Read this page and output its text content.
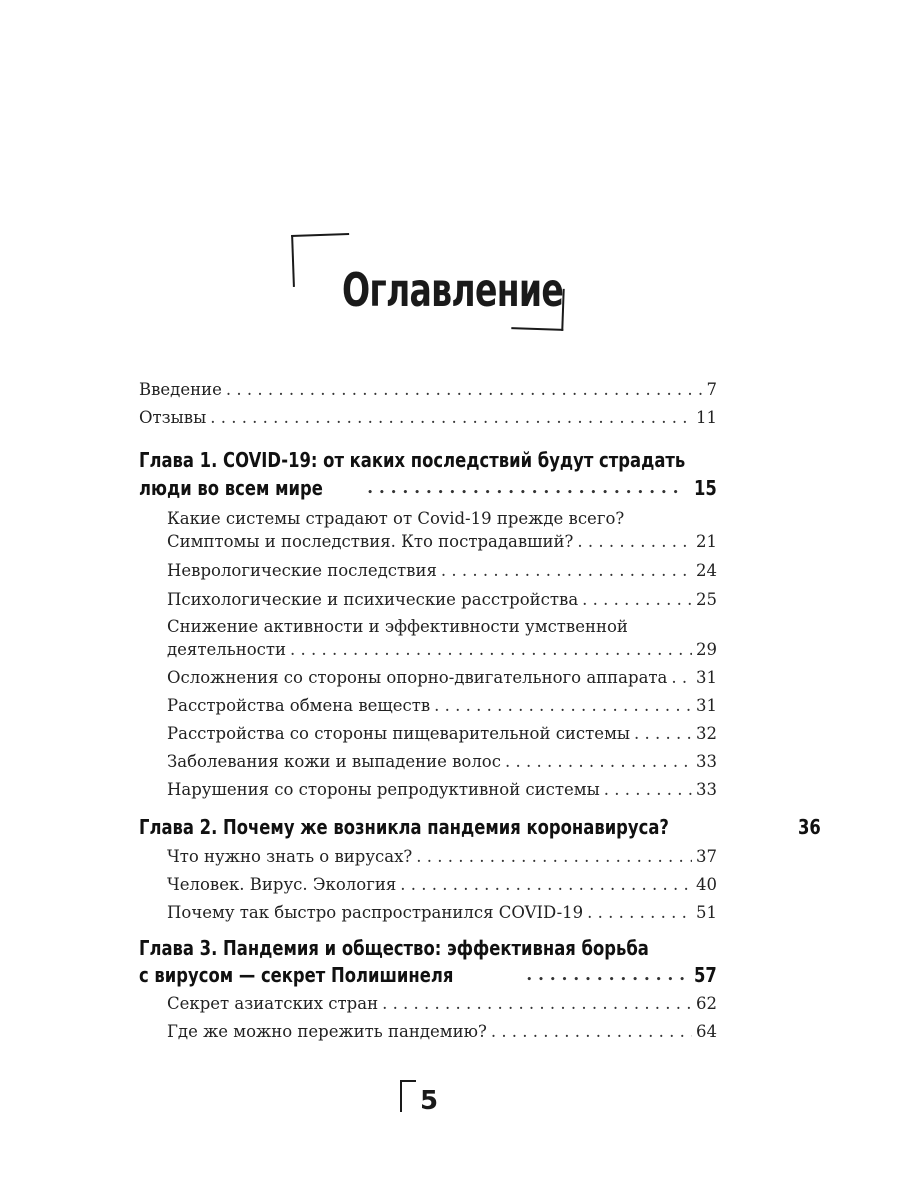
Оглавление
Введение . . .	7
Отзывы . . .	11
Глава 1. COVID-19: от каких последствий будут страдать
люди во всем мире •••••	15
Какие системы страдают от Covid-19 прежде всего?
Симптомы и последствия. Кто пострадавший? . . .	21
Неврологические последствия . . .	24
Психологические и психические расстройства . . .	25
Снижение активности и эффективности умственной
деятельности . . .	29
Осложнения со стороны опорно-двигательного аппарата . . . 31
Расстройства обмена веществ . . .	31
Расстройства со стороны пищеварительной системы . . .	32
Заболевания кожи и выпадение волос . . .	33
Нарушения со стороны репродуктивной системы . . .	33
Глава 2. Почему же возникла пандемия коронавируса?	36
Что нужно знать о вирусах? . . .	37
Человек. Вирус. Экология . . .	40
Почему так быстро распространился COVID-19 . . .	51
Глава 3. Пандемия и общество: эффективная борьба
с вирусом — секрет Полишинеля •••••	57
Секрет азиатских стран . . .	62
Где же можно пережить пандемию? . . .	64
5
